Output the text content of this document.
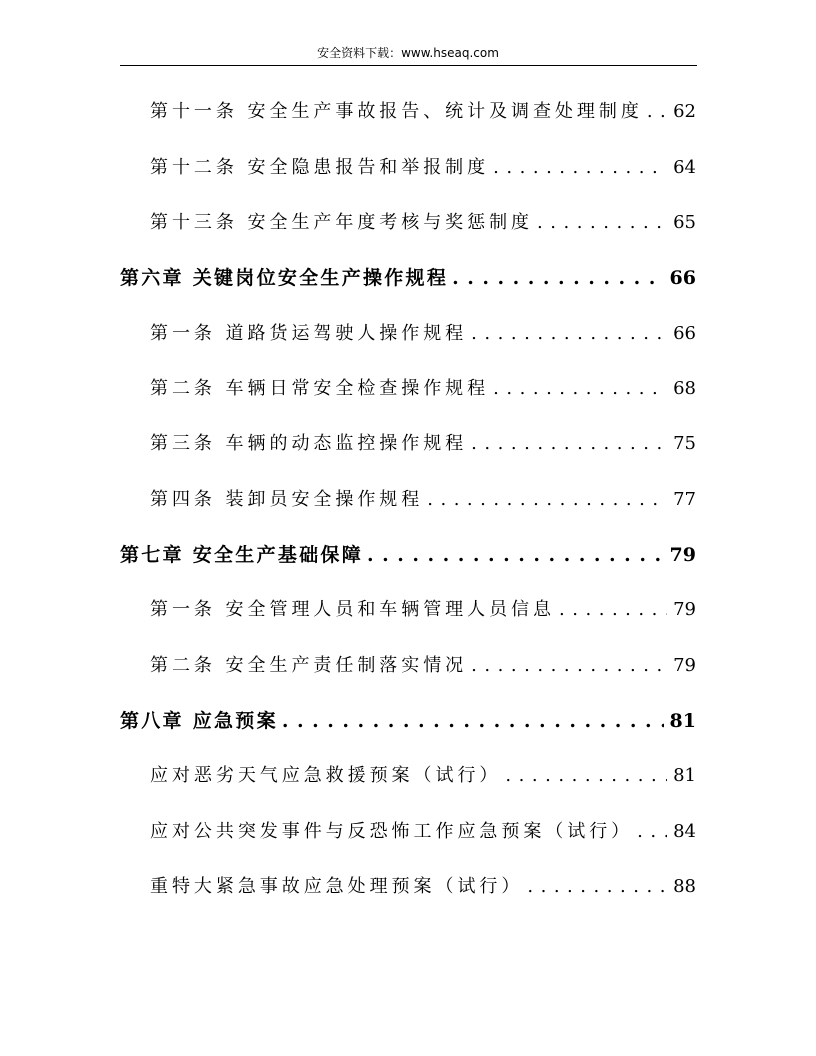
安全资料下载：www.hseaq.com
第十一条 安全生产事故报告、统计及调查处理制度 . . . 62
第十二条 安全隐患报告和举报制度 . . .	64
第十三条 安全生产年度考核与奖惩制度 . . .	65
第六章 关键岗位安全生产操作规程 . . .	66
第一条 道路货运驾驶人操作规程 . . .	66
第二条 车辆日常安全检查操作规程 . . .	68
第三条 车辆的动态监控操作规程 . . .	75
第四条 装卸员安全操作规程 . . .	77
第七章 安全生产基础保障 . . .	79
第一条 安全管理人员和车辆管理人员信息 . . .	79
第二条 安全生产责任制落实情况 . . .	79
第八章 应急预案 . . .	81
应对恶劣天气应急救援预案（试行） . . .	81
应对公共突发事件与反恐怖工作应急预案（试行） . . . 84
重特大紧急事故应急处理预案（试行） . . .	88
